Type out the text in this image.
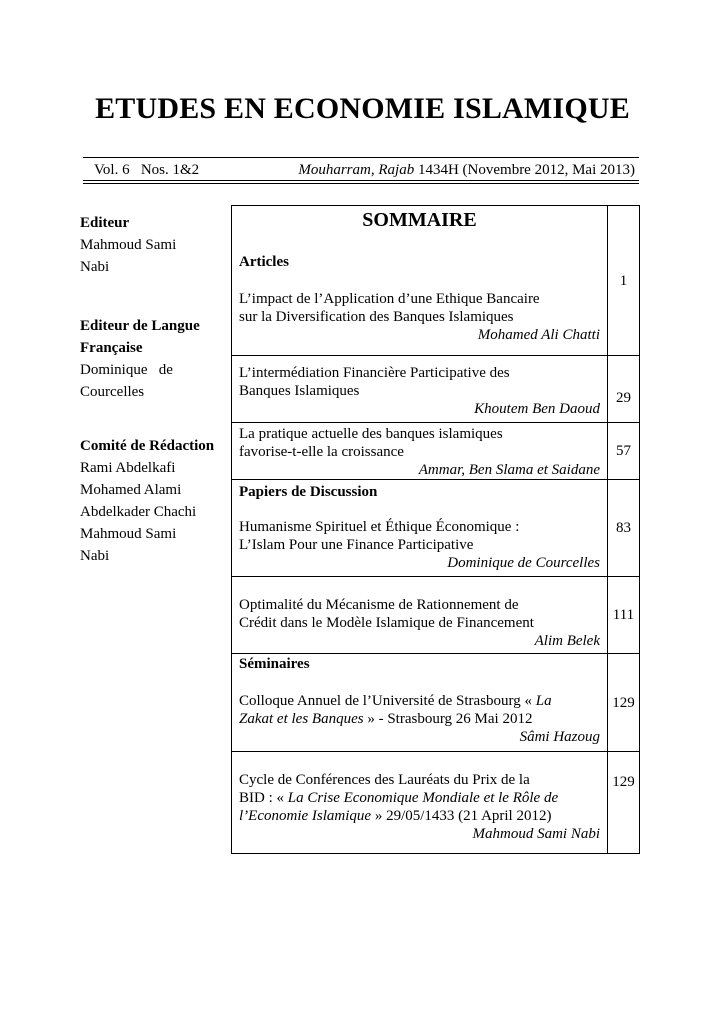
ETUDES EN ECONOMIE ISLAMIQUE
Vol. 6 Nos. 1&2	Mouharram, Rajab 1434H (Novembre 2012, Mai 2013)
Editeur
Mahmoud Sami
Nabi
Editeur de Langue
Française
Dominique   de
Courcelles
Comité de Rédaction
Rami Abdelkafi
Mohamed Alami
Abdelkader Chachi
Mahmoud Sami
Nabi
SOMMAIRE
Articles
L’impact de l’Application d’une Ethique Bancaire
sur la Diversification des Banques Islamiques
Mohamed Ali Chatti	1

L’intermédiation Financière Participative des
Banques Islamiques
Khoutem Ben Daoud	29

La pratique actuelle des banques islamiques
favorise-t-elle la croissance
Ammar, Ben Slama et Saidane	57

Papiers de Discussion
Humanisme Spirituel et Éthique Économique :
L’Islam Pour une Finance Participative
Dominique de Courcelles	83

Optimalité du Mécanisme de Rationnement de
Crédit dans le Modèle Islamique de Financement
Alim Belek	111

Séminaires
Colloque Annuel de l’Université de Strasbourg « La
Zakat et les Banques » - Strasbourg 26 Mai 2012
Sâmi Hazoug	129

Cycle de Conférences des Lauréats du Prix de la
BID : « La Crise Economique Mondiale et le Rôle de
l’Economie Islamique » 29/05/1433 (21 April 2012)
Mahmoud Sami Nabi	129
